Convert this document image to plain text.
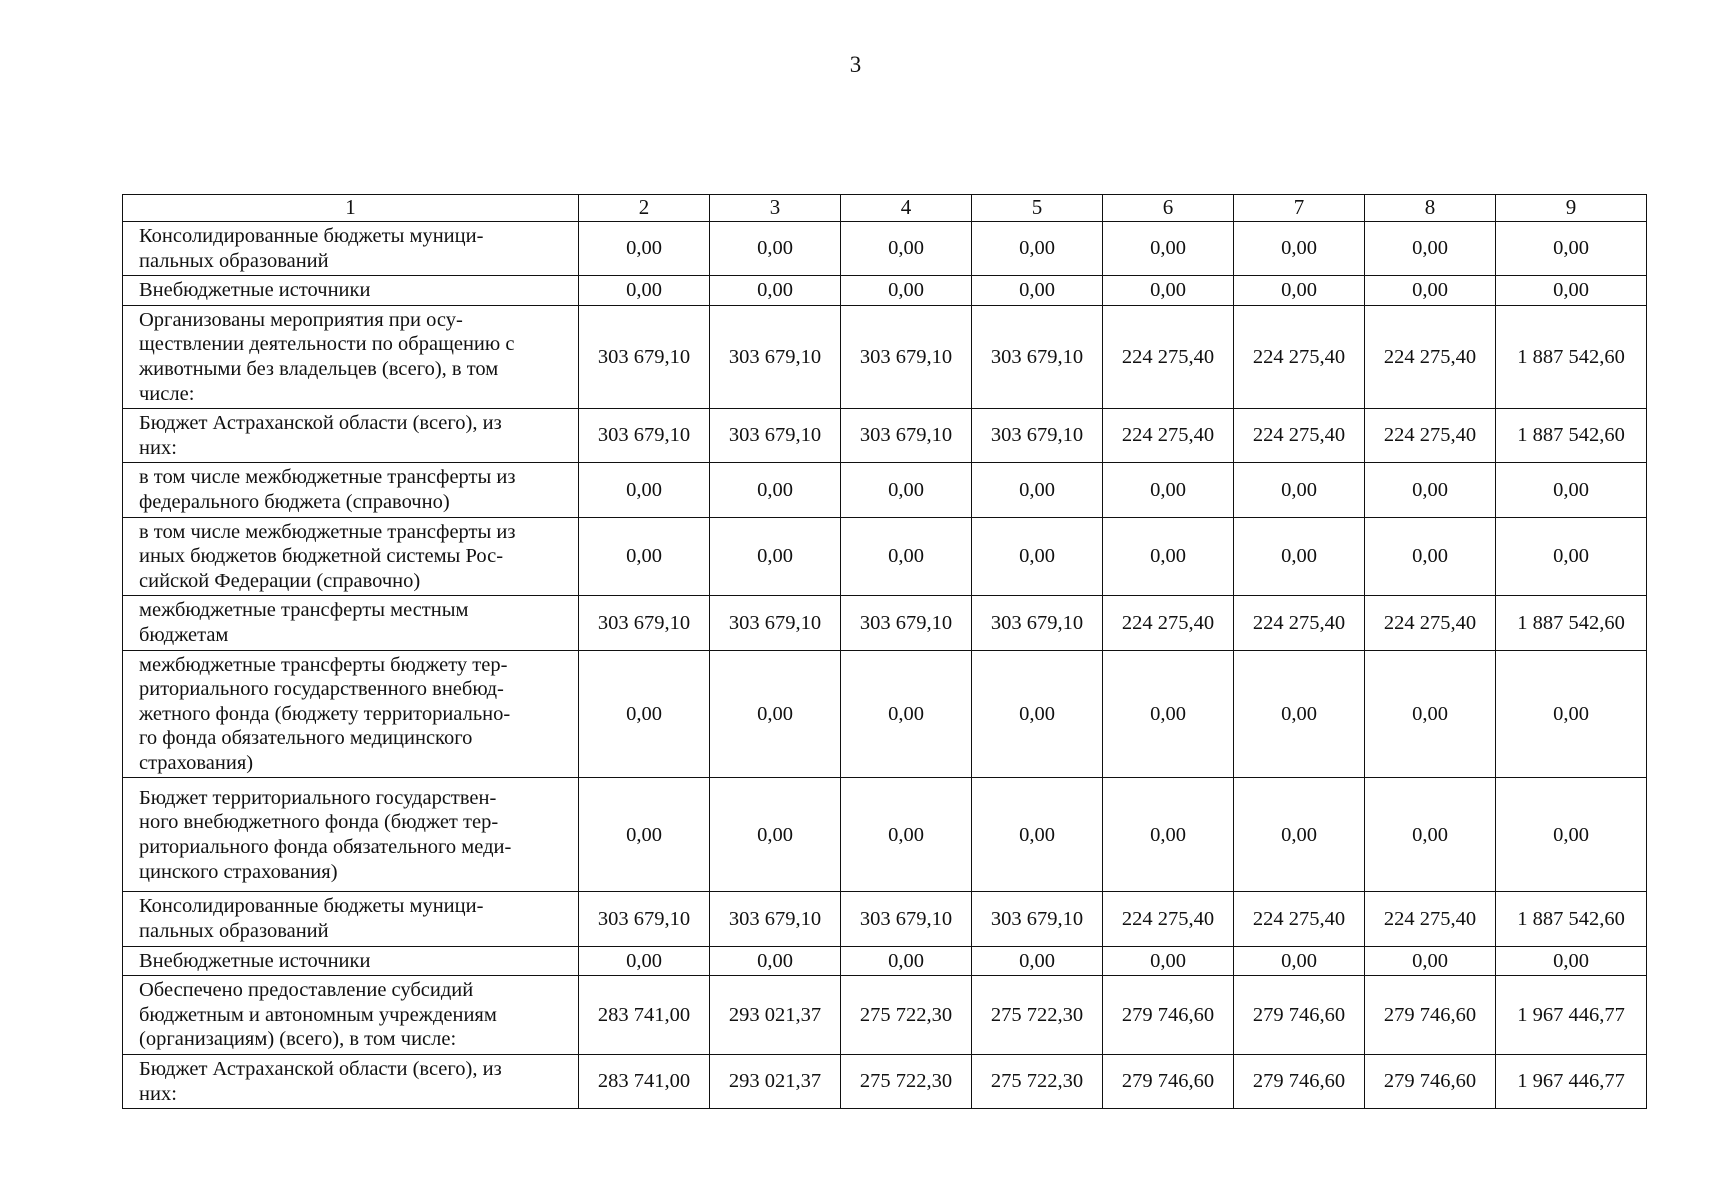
3
1	2	3	4	5	6	7	8	9
Консолидированные бюджеты муници-
пальных образований	0,00	0,00	0,00	0,00	0,00	0,00	0,00	0,00
Внебюджетные источники	0,00	0,00	0,00	0,00	0,00	0,00	0,00	0,00
Организованы мероприятия при осу-
ществлении деятельности по обращению с
животными без владельцев (всего), в том
числе:	303 679,10	303 679,10	303 679,10	303 679,10	224 275,40	224 275,40	224 275,40	1 887 542,60
Бюджет Астраханской области (всего), из
них:	303 679,10	303 679,10	303 679,10	303 679,10	224 275,40	224 275,40	224 275,40	1 887 542,60
в том числе межбюджетные трансферты из
федерального бюджета (справочно)	0,00	0,00	0,00	0,00	0,00	0,00	0,00	0,00
в том числе межбюджетные трансферты из
иных бюджетов бюджетной системы Рос-
сийской Федерации (справочно)	0,00	0,00	0,00	0,00	0,00	0,00	0,00	0,00
межбюджетные трансферты местным
бюджетам	303 679,10	303 679,10	303 679,10	303 679,10	224 275,40	224 275,40	224 275,40	1 887 542,60
межбюджетные трансферты бюджету тер-
риториального государственного внебюд-
жетного фонда (бюджету территориально-
го фонда обязательного медицинского
страхования)	0,00	0,00	0,00	0,00	0,00	0,00	0,00	0,00
Бюджет территориального государствен-
ного внебюджетного фонда (бюджет тер-
риториального фонда обязательного меди-
цинского страхования)	0,00	0,00	0,00	0,00	0,00	0,00	0,00	0,00
Консолидированные бюджеты муници-
пальных образований	303 679,10	303 679,10	303 679,10	303 679,10	224 275,40	224 275,40	224 275,40	1 887 542,60
Внебюджетные источники	0,00	0,00	0,00	0,00	0,00	0,00	0,00	0,00
Обеспечено предоставление субсидий
бюджетным и автономным учреждениям
(организациям) (всего), в том числе:	283 741,00	293 021,37	275 722,30	275 722,30	279 746,60	279 746,60	279 746,60	1 967 446,77
Бюджет Астраханской области (всего), из
них:	283 741,00	293 021,37	275 722,30	275 722,30	279 746,60	279 746,60	279 746,60	1 967 446,77
